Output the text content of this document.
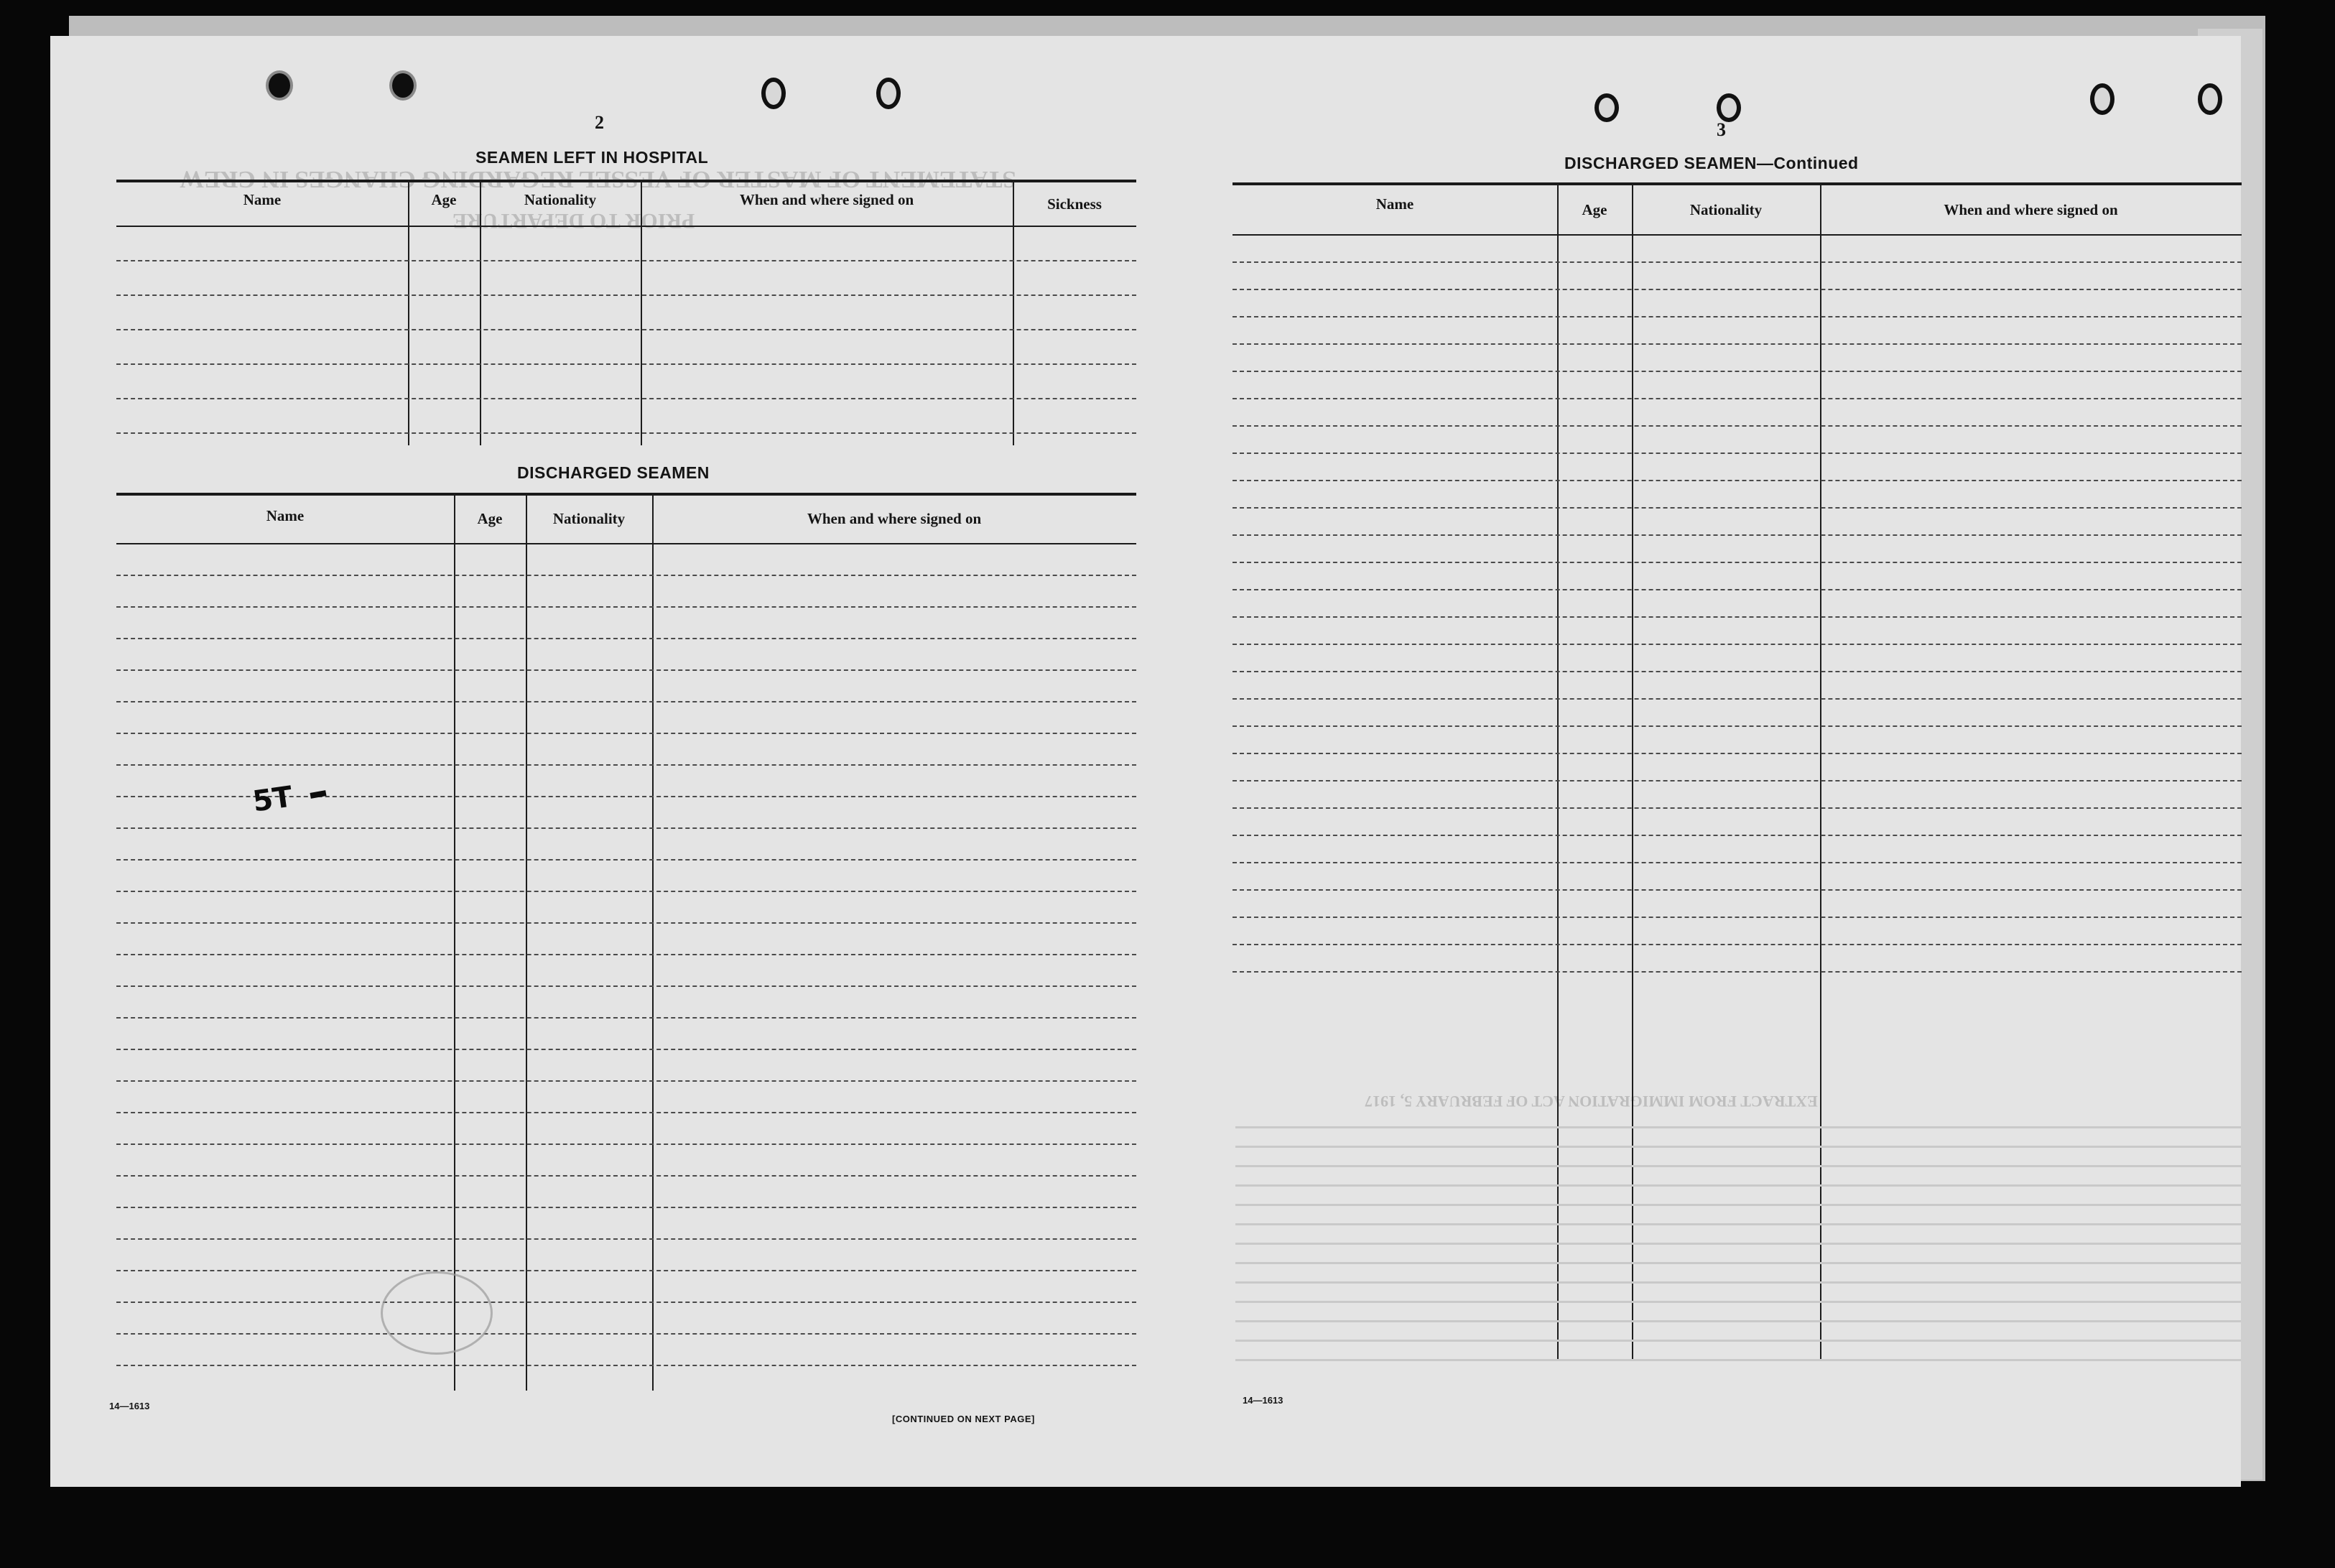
STATEMENT OF MASTER OF VESSEL REGARDING CHANGES IN CREW
PRIOR TO DEPARTURE
EXTRACT FROM IMMIGRATION ACT OF FEBRUARY 5, 1917
2
SEAMEN LEFT IN HOSPITAL
Name	Age	Nationality	When and where signed on	Sickness
DISCHARGED SEAMEN
Name	Age	Nationality	When and where signed on
5T
14—1613
[CONTINUED ON NEXT PAGE]
3
DISCHARGED SEAMEN—Continued
Name	Age	Nationality	When and where signed on
14—1613
